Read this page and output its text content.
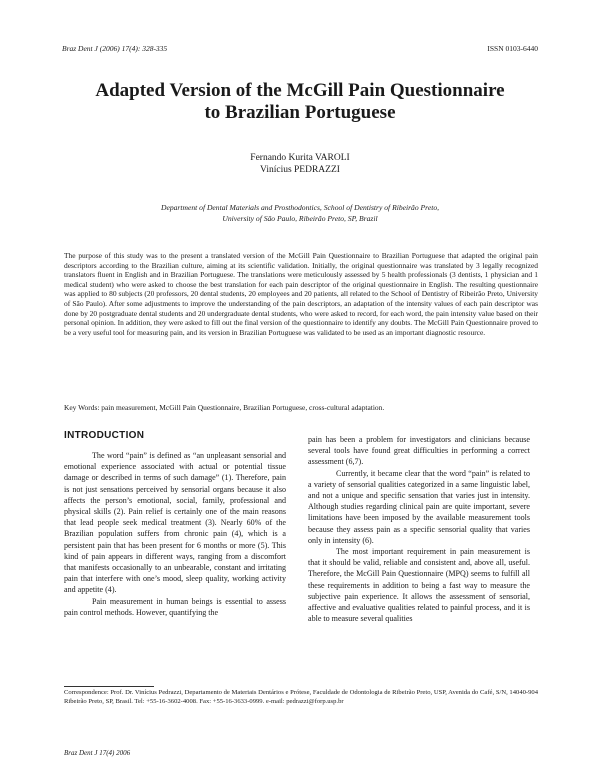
Braz Dent J (2006) 17(4): 328-335	ISSN 0103-6440
Adapted Version of the McGill Pain Questionnaire
to Brazilian Portuguese
Fernando Kurita VAROLI
Vinícius PEDRAZZI
Department of Dental Materials and Prosthodontics, School of Dentistry of Ribeirão Preto,
University of São Paulo, Ribeirão Preto, SP, Brazil

The purpose of this study was to the present a translated version of the McGill Pain Questionnaire to Brazilian Portuguese that adapted the original pain descriptors according to the Brazilian culture, aiming at its scientific validation. Initially, the original questionnaire was translated by 3 legally recognized translators fluent in English and in Brazilian Portuguese. The translations were meticulously assessed by 5 health professionals (3 dentists, 1 physician and 1 medical student) who were asked to choose the best translation for each pain descriptor of the original questionnaire in English. The resulting questionnaire was applied to 80 subjects (20 professors, 20 dental students, 20 employees and 20 patients, all related to the School of Dentistry of Ribeirão Preto, University of São Paulo). After some adjustments to improve the understanding of the pain descriptors, an adaptation of the intensity values of each pain descriptor was done by 20 postgraduate dental students and 20 undergraduate dental students, who were asked to record, for each word, the pain intensity value based on their personal opinion. In addition, they were asked to fill out the final version of the questionnaire to identify any doubts. The McGill Pain Questionnaire proved to be a very useful tool for measuring pain, and its version in Brazilian Portuguese was validated to be used as an important diagnostic resource.

Key Words: pain measurement, McGill Pain Questionnaire, Brazilian Portuguese, cross-cultural adaptation.

INTRODUCTION

The word “pain” is defined as “an unpleasant sensorial and emotional experience associated with actual or potential tissue damage or described in terms of such damage” (1). Therefore, pain is not just sensations perceived by sensorial organs because it also affects the person’s emotional, social, family, professional and physical skills (2). Pain relief is certainly one of the main reasons that lead people seek medical treatment (3). Nearly 60% of the Brazilian population suffers from chronic pain (4), which is a persistent pain that has been present for 6 months or more (5). This kind of pain appears in different ways, ranging from a discomfort that manifests occasionally to an unbearable, constant and irritating pain that interfere with one’s mood, sleep quality, working activity and appetite (4).

Pain measurement in human beings is essential to assess pain control methods. However, quantifying the

pain has been a problem for investigators and clinicians because several tools have found great difficulties in performing a correct assessment (6,7).

Currently, it became clear that the word “pain” is related to a variety of sensorial qualities categorized in a same linguistic label, and not a unique and specific sensation that varies just in intensity. Although studies regarding clinical pain are quite important, severe limitations have been imposed by the available measurement tools because they assess pain as a specific sensorial quality that varies only in intensity (6).

The most important requirement in pain measurement is that it should be valid, reliable and consistent and, above all, useful. Therefore, the McGill Pain Questionnaire (MPQ) seems to fulfill all these requirements in addition to being a fast way to measure the subjective pain experience. It allows the assessment of sensorial, affective and evaluative qualities related to painful process, and it is able to measure several qualities

Correspondence: Prof. Dr. Vinícius Pedrazzi, Departamento de Materiais Dentários e Prótese, Faculdade de Odontologia de Ribeirão Preto, USP, Avenida do Café, S/N, 14040-904 Ribeirão Preto, SP, Brasil. Tel: +55-16-3602-4008. Fax: +55-16-3633-0999. e-mail: pedrazzi@forp.usp.br

Braz Dent J 17(4) 2006
